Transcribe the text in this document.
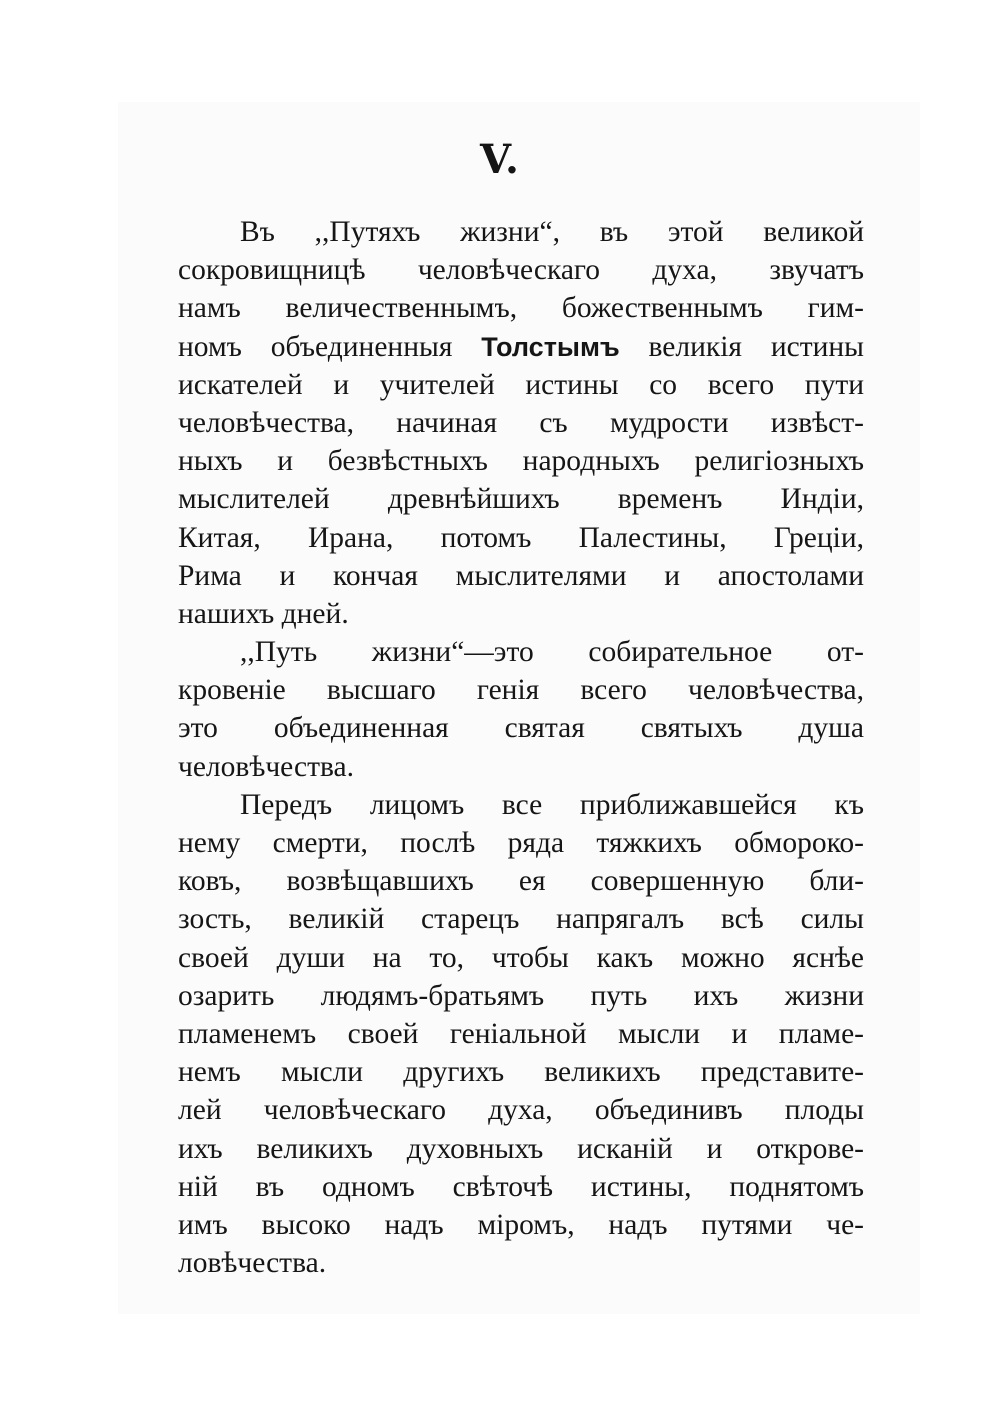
V.
Въ ,,Путяхъ жизни“, въ этой великой
сокровищницѣ человѣческаго духа, звучатъ
намъ величественнымъ, божественнымъ гим-
номъ объединенныя Толстымъ великія истины
искателей и учителей истины со всего пути
человѣчества, начиная съ мудрости извѣст-
ныхъ и безвѣстныхъ народныхъ религіозныхъ
мыслителей древнѣйшихъ временъ Индіи,
Китая, Ирана, потомъ Палестины, Греціи,
Рима и кончая мыслителями и апостолами
нашихъ дней.
,,Путь жизни“—это собирательное от-
кровеніе высшаго генія всего человѣчества,
это объединенная святая святыхъ душа
человѣчества.
Передъ лицомъ все приближавшейся къ
нему смерти, послѣ ряда тяжкихъ обмороко-
ковъ, возвѣщавшихъ ея совершенную бли-
зость, великій старецъ напрягалъ всѣ силы
своей души на то, чтобы какъ можно яснѣе
озарить людямъ-братьямъ путь ихъ жизни
пламенемъ своей геніальной мысли и пламе-
немъ мысли другихъ великихъ представите-
лей человѣческаго духа, объединивъ плоды
ихъ великихъ духовныхъ исканій и открове-
ній въ одномъ свѣточѣ истины, поднятомъ
имъ высоко надъ міромъ, надъ путями че-
ловѣчества.
